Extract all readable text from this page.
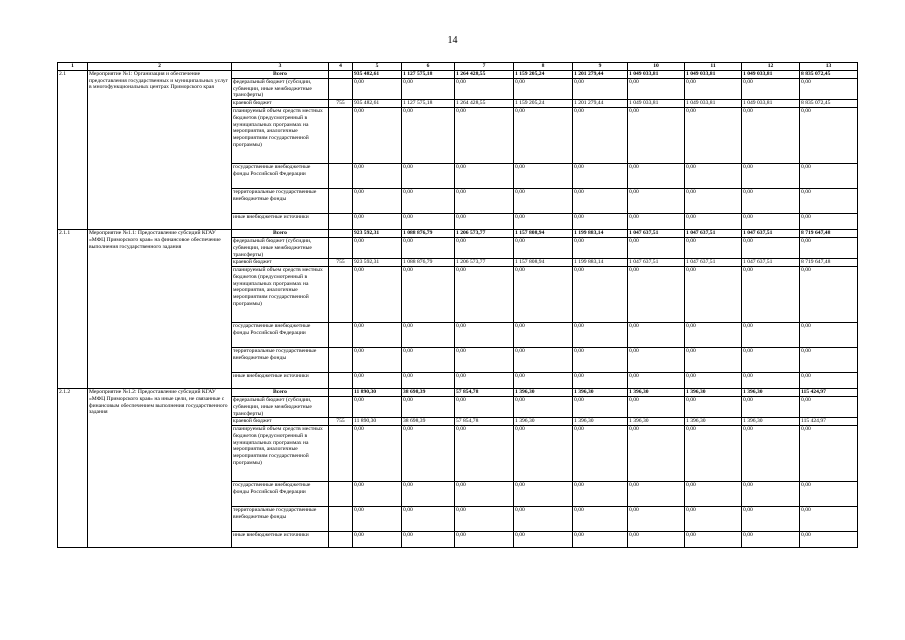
14
1	2	3	4	5	6	7	8	9	10	11	12	13
2.1	Мероприятие №1: Организация и обеспечение предоставления государственных и муниципальных услуг в многофункциональных центрах Приморского края	Всего		935 482,61	1 127 575,18	1 264 428,55	1 159 205,24	1 201 279,44	1 049 033,81	1 049 033,81	1 049 033,81	8 835 072,45
		федеральный бюджет (субсидии, субвенции, иные межбюджетные трансферты)		0,00	0,00	0,00	0,00	0,00	0,00	0,00	0,00	0,00
		краевой бюджет	755	935 482,61	1 127 575,18	1 264 428,55	1 159 205,24	1 201 279,44	1 049 033,81	1 049 033,81	1 049 033,81	8 835 072,45
		планируемый объем средств местных бюджетов (предусмотренный в муниципальных программах на мероприятия, аналогичные мероприятиям государственной программы)		0,00	0,00	0,00	0,00	0,00	0,00	0,00	0,00	0,00
		государственные внебюджетные фонды Российской Федерации		0,00	0,00	0,00	0,00	0,00	0,00	0,00	0,00	0,00
		территориальные государственные внебюджетные фонды		0,00	0,00	0,00	0,00	0,00	0,00	0,00	0,00	0,00
		иные внебюджетные источники		0,00	0,00	0,00	0,00	0,00	0,00	0,00	0,00	0,00
2.1.1	Мероприятие №1.1: Предоставление субсидий КГАУ «МФЦ Приморского края» на финансовое обеспечение выполнения государственного задания	Всего		923 592,31	1 088 876,79	1 206 573,77	1 157 808,94	1 199 883,14	1 047 637,51	1 047 637,51	1 047 637,51	8 719 647,48
		федеральный бюджет (субсидии, субвенции, иные межбюджетные трансферты)		0,00	0,00	0,00	0,00	0,00	0,00	0,00	0,00	0,00
		краевой бюджет	755	923 592,31	1 088 876,79	1 206 573,77	1 157 808,94	1 199 883,14	1 047 637,51	1 047 637,51	1 047 637,51	8 719 647,48
		планируемый объем средств местных бюджетов (предусмотренный в муниципальных программах на мероприятия, аналогичные мероприятиям государственной программы)		0,00	0,00	0,00	0,00	0,00	0,00	0,00	0,00	0,00
		государственные внебюджетные фонды Российской Федерации		0,00	0,00	0,00	0,00	0,00	0,00	0,00	0,00	0,00
		территориальные государственные внебюджетные фонды		0,00	0,00	0,00	0,00	0,00	0,00	0,00	0,00	0,00
		иные внебюджетные источники		0,00	0,00	0,00	0,00	0,00	0,00	0,00	0,00	0,00
2.1.2	Мероприятие №1.2: Предоставление субсидий КГАУ «МФЦ Приморского края» на иные цели, не связанные с финансовым обеспечением выполнения государственного задания	Всего		11 890,30	38 698,39	57 854,78	1 396,30	1 396,30	1 396,30	1 396,30	1 396,30	115 424,97
		федеральный бюджет (субсидии, субвенции, иные межбюджетные трансферты)		0,00	0,00	0,00	0,00	0,00	0,00	0,00	0,00	0,00
		краевой бюджет	755	11 890,30	38 698,39	57 854,78	1 396,30	1 396,30	1 396,30	1 396,30	1 396,30	115 424,97
		планируемый объем средств местных бюджетов (предусмотренный в муниципальных программах на мероприятия, аналогичные мероприятиям государственной программы)		0,00	0,00	0,00	0,00	0,00	0,00	0,00	0,00	0,00
		государственные внебюджетные фонды Российской Федерации		0,00	0,00	0,00	0,00	0,00	0,00	0,00	0,00	0,00
		территориальные государственные внебюджетные фонды		0,00	0,00	0,00	0,00	0,00	0,00	0,00	0,00	0,00
		иные внебюджетные источники		0,00	0,00	0,00	0,00	0,00	0,00	0,00	0,00	0,00
